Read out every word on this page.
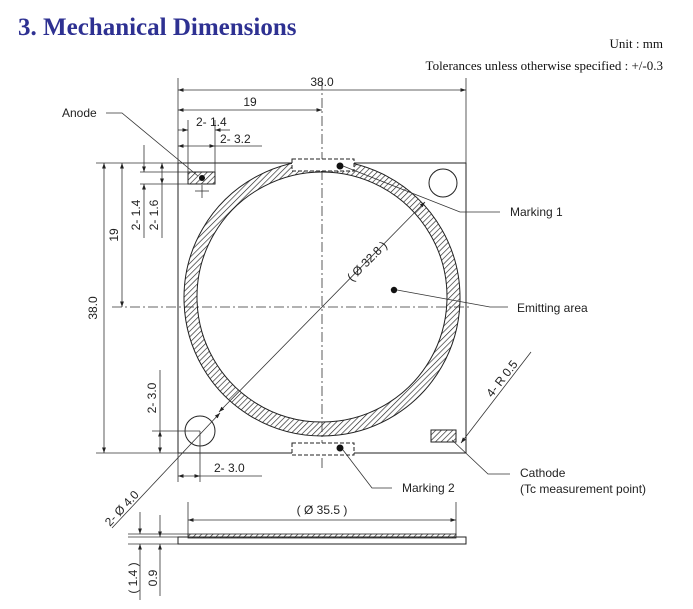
3. Mechanical Dimensions
Unit : mm
Tolerances unless otherwise specified : +/-0.3
38.0
19
2- 1.4
2- 3.2
38.0
19
2- 1.4 2- 1.6
2- 3.0
2- 3.0
2- Ø 4.0
( Ø 32.8 )
4- R 0.5
Anode
Marking 1
Emitting area
Cathode
(Tc measurement point)
Marking 2
( Ø 35.5 )
( 1.4 ) 0.9
